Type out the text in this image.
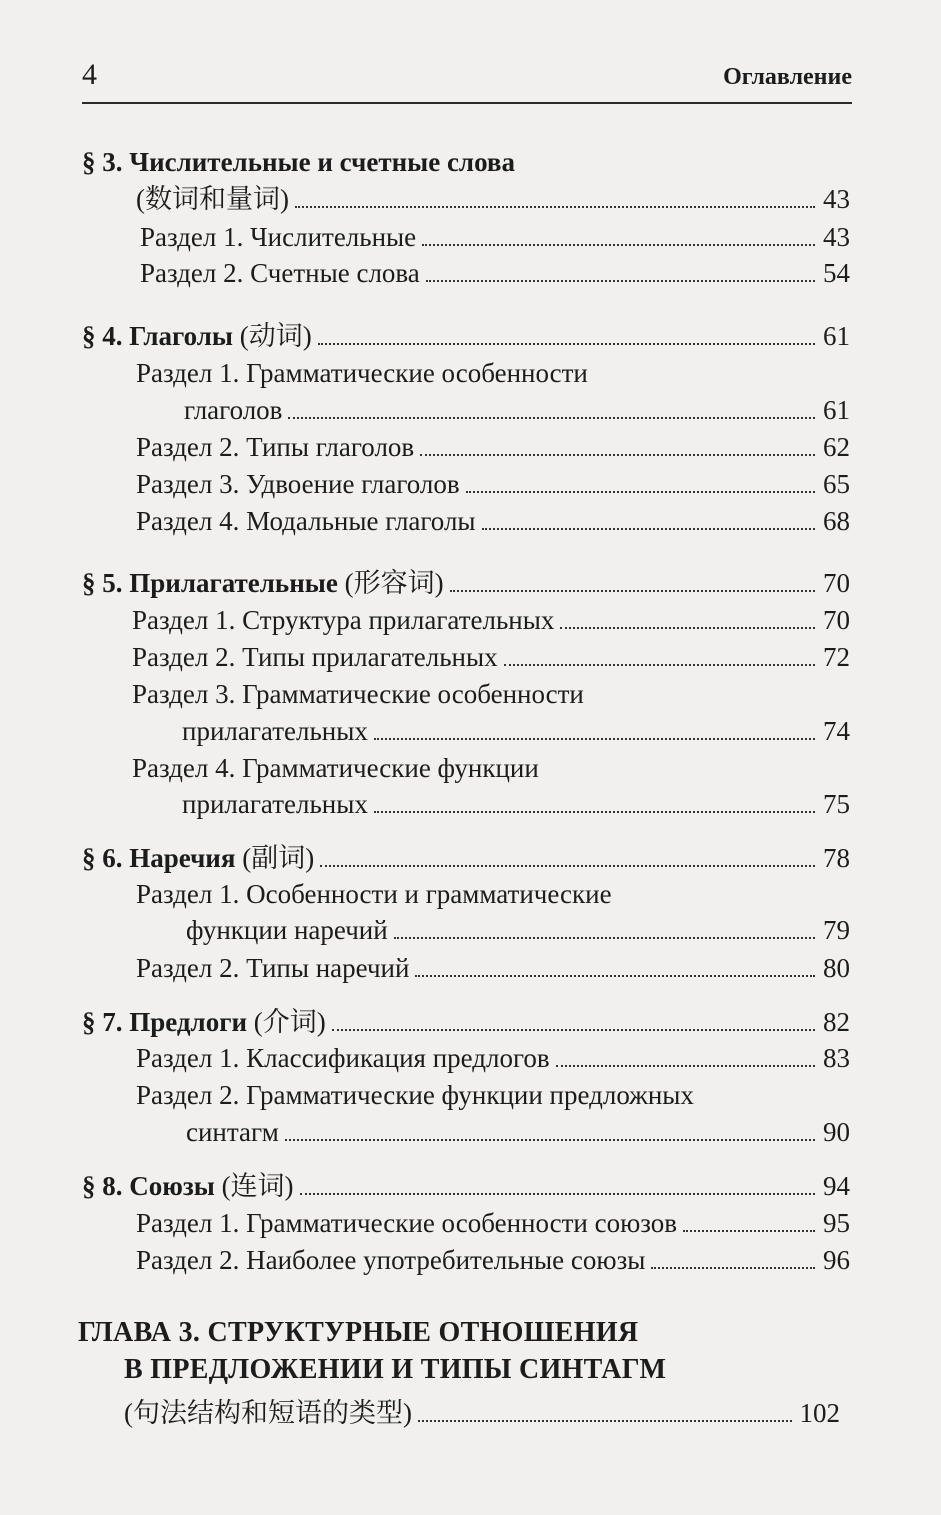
4	Оглавление
§ 3. Числительные и счетные слова
(数词和量词)	43
Раздел 1. Числительные	43
Раздел 2. Счетные слова	54
§ 4. Глаголы (动词)	61
Раздел 1. Грамматические особенности
глаголов	61
Раздел 2. Типы глаголов	62
Раздел 3. Удвоение глаголов	65
Раздел 4. Модальные глаголы	68
§ 5. Прилагательные (形容词)	70
Раздел 1. Структура прилагательных	70
Раздел 2. Типы прилагательных	72
Раздел 3. Грамматические особенности
прилагательных	74
Раздел 4. Грамматические функции
прилагательных	75
§ 6. Наречия (副词)	78
Раздел 1. Особенности и грамматические
функции наречий	79
Раздел 2. Типы наречий	80
§ 7. Предлоги (介词)	82
Раздел 1. Классификация предлогов	83
Раздел 2. Грамматические функции предложных
синтагм	90
§ 8. Союзы (连词)	94
Раздел 1. Грамматические особенности союзов	95
Раздел 2. Наиболее употребительные союзы	96
ГЛАВА 3. СТРУКТУРНЫЕ ОТНОШЕНИЯ
В ПРЕДЛОЖЕНИИ И ТИПЫ СИНТАГМ
(句法结构和短语的类型)	102
